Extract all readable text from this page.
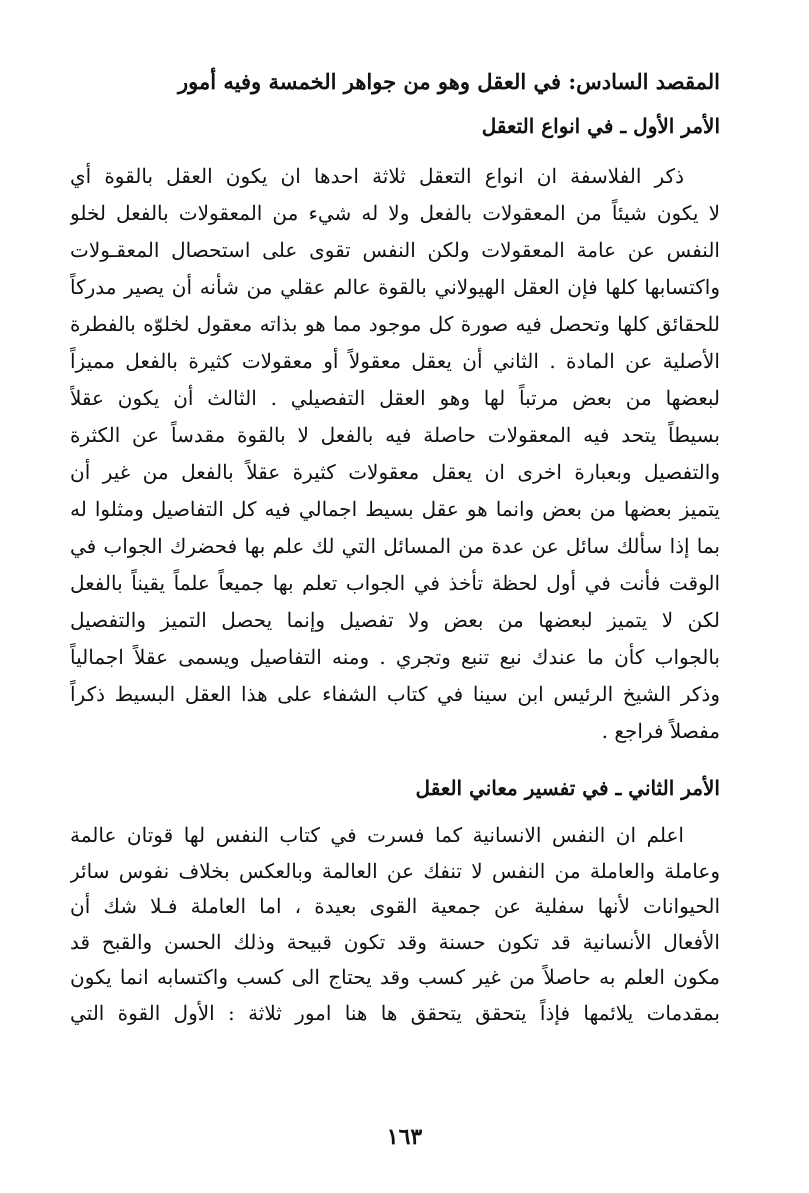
المقصد السادس: في العقل وهو من جواهر الخمسة وفيه أمور
الأمر الأول ـ في انواع التعقل
ذكر الفلاسفة ان انواع التعقل ثلاثة احدها ان يكون العقل بالقوة أي
لا يكون شيئاً من المعقولات بالفعل ولا له شيء من المعقولات بالفعل لخلو
النفس عن عامة المعقولات ولكن النفس تقوى على استحصال المعقـولات
واكتسابها كلها فإن العقل الهيولاني بالقوة عالم عقلي من شأنه أن يصير مدركاً
للحقائق كلها وتحصل فيه صورة كل موجود مما هو بذاته معقول لخلوّه بالفطرة
الأصلية عن المادة . الثاني أن يعقل معقولاً أو معقولات كثيرة بالفعل مميزاً
لبعضها من بعض مرتباً لها وهو العقل التفصيلي . الثالث أن يكون عقلاً
بسيطاً يتحد فيه المعقولات حاصلة فيه بالفعل لا بالقوة مقدساً عن الكثرة
والتفصيل وبعبارة اخرى ان يعقل معقولات كثيرة عقلاً بالفعل من غير أن
يتميز بعضها من بعض وانما هو عقل بسيط اجمالي فيه كل التفاصيل ومثلوا له
بما إذا سألك سائل عن عدة من المسائل التي لك علم بها فحضرك الجواب في
الوقت فأنت في أول لحظة تأخذ في الجواب تعلم بها جميعاً علماً يقيناً بالفعل
لكن لا يتميز لبعضها من بعض ولا تفصيل وإنما يحصل التميز والتفصيل
بالجواب كأن ما عندك نبع تنبع وتجري . ومنه التفاصيل ويسمى عقلاً اجمالياً
وذكر الشيخ الرئيس ابن سينا في كتاب الشفاء على هذا العقل البسيط ذكراً
مفصلاً فراجع .
الأمر الثاني ـ في تفسير معاني العقل
اعلم ان النفس الانسانية كما فسرت في كتاب النفس لها قوتان عالمة
وعاملة والعاملة من النفس لا تنفك عن العالمة وبالعكس بخلاف نفوس سائر
الحيوانات لأنها سفلية عن جمعية القوى بعيدة ، اما العاملة فـلا شك أن
الأفعال الأنسانية قد تكون حسنة وقد تكون قبيحة وذلك الحسن والقبح قد
مكون العلم به حاصلاً من غير كسب وقد يحتاج الى كسب واكتسابه انما يكون
بمقدمات يلائمها فإذاً يتحقق يتحقق ها هنا امور ثلاثة : الأول القوة التي
١٦٣
